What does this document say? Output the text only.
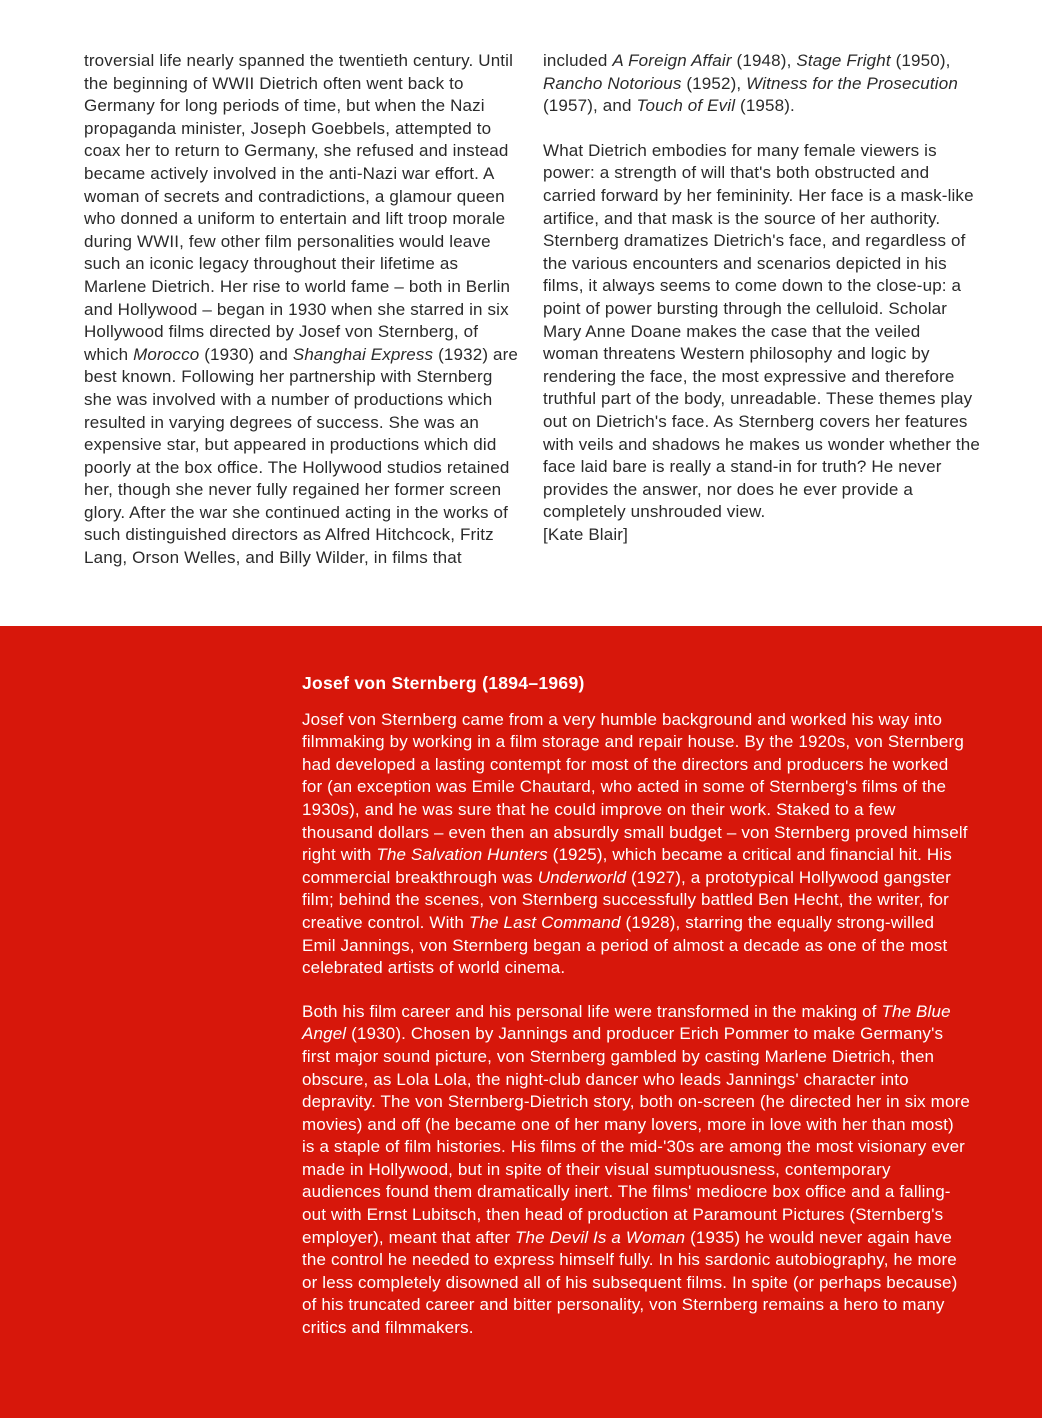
troversial life nearly spanned the twentieth century. Until the beginning of WWII Dietrich often went back to Germany for long periods of time, but when the Nazi propaganda minister, Joseph Goebbels, attempted to coax her to return to Germany, she refused and instead became actively involved in the anti-Nazi war effort. A woman of secrets and contradictions, a glamour queen who donned a uniform to entertain and lift troop morale during WWII, few other film personalities would leave such an iconic legacy throughout their lifetime as Marlene Dietrich. Her rise to world fame – both in Berlin and Hollywood – began in 1930 when she starred in six Hollywood films directed by Josef von Sternberg, of which Morocco (1930) and Shanghai Express (1932) are best known. Following her partnership with Sternberg she was involved with a number of productions which resulted in varying degrees of success. She was an expensive star, but appeared in productions which did poorly at the box office. The Hollywood studios retained her, though she never fully regained her former screen glory. After the war she continued acting in the works of such distinguished directors as Alfred Hitchcock, Fritz Lang, Orson Welles, and Billy Wilder, in films that

included A Foreign Affair (1948), Stage Fright (1950), Rancho Notorious (1952), Witness for the Prosecution (1957), and Touch of Evil (1958).

What Dietrich embodies for many female viewers is power: a strength of will that's both obstructed and carried forward by her femininity. Her face is a mask-like artifice, and that mask is the source of her authority. Sternberg dramatizes Dietrich's face, and regardless of the various encounters and scenarios depicted in his films, it always seems to come down to the close-up: a point of power bursting through the celluloid. Scholar Mary Anne Doane makes the case that the veiled woman threatens Western philosophy and logic by rendering the face, the most expressive and therefore truthful part of the body, unreadable. These themes play out on Dietrich's face. As Sternberg covers her features with veils and shadows he makes us wonder whether the face laid bare is really a stand-in for truth? He never provides the answer, nor does he ever provide a completely unshrouded view.

[Kate Blair]

Josef von Sternberg (1894–1969)

Josef von Sternberg came from a very humble background and worked his way into filmmaking by working in a film storage and repair house. By the 1920s, von Sternberg had developed a lasting contempt for most of the directors and producers he worked for (an exception was Emile Chautard, who acted in some of Sternberg's films of the 1930s), and he was sure that he could improve on their work. Staked to a few thousand dollars – even then an absurdly small budget – von Sternberg proved himself right with The Salvation Hunters (1925), which became a critical and financial hit. His commercial breakthrough was Underworld (1927), a prototypical Hollywood gangster film; behind the scenes, von Sternberg successfully battled Ben Hecht, the writer, for creative control. With The Last Command (1928), starring the equally strong-willed Emil Jannings, von Sternberg began a period of almost a decade as one of the most celebrated artists of world cinema.

Both his film career and his personal life were transformed in the making of The Blue Angel (1930). Chosen by Jannings and producer Erich Pommer to make Germany's first major sound picture, von Sternberg gambled by casting Marlene Dietrich, then obscure, as Lola Lola, the night-club dancer who leads Jannings' character into depravity. The von Sternberg-Dietrich story, both on-screen (he directed her in six more movies) and off (he became one of her many lovers, more in love with her than most) is a staple of film histories. His films of the mid-'30s are among the most visionary ever made in Hollywood, but in spite of their visual sumptuousness, contemporary audiences found them dramatically inert. The films' mediocre box office and a falling-out with Ernst Lubitsch, then head of production at Paramount Pictures (Sternberg's employer), meant that after The Devil Is a Woman (1935) he would never again have the control he needed to express himself fully. In his sardonic autobiography, he more or less completely disowned all of his subsequent films. In spite (or perhaps because) of his truncated career and bitter personality, von Sternberg remains a hero to many critics and filmmakers.
